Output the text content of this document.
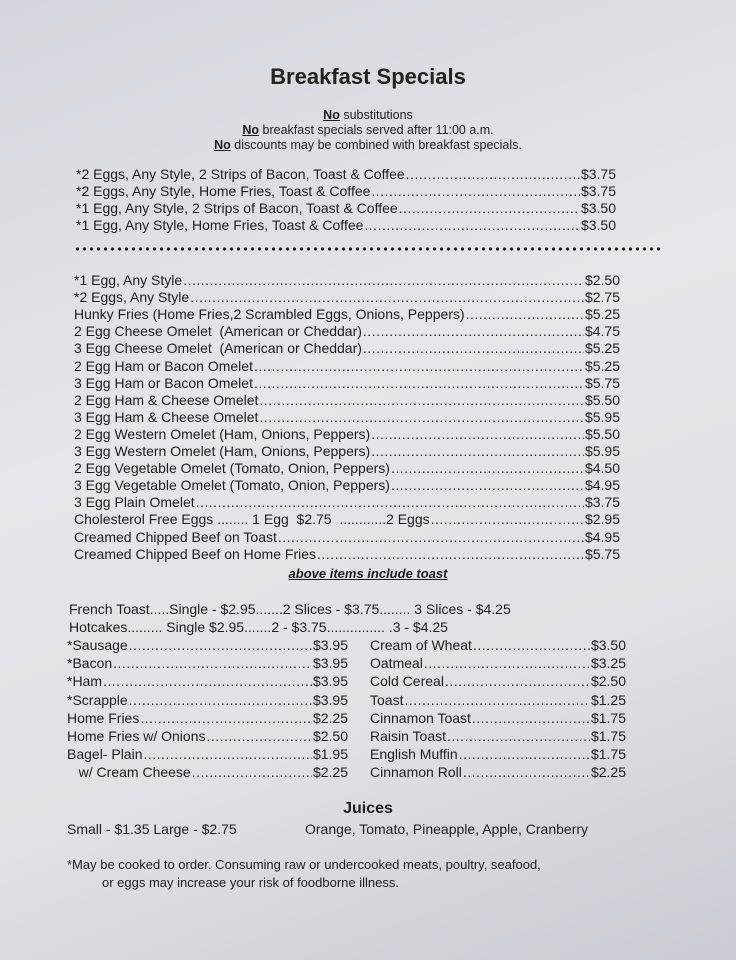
Breakfast Specials
No substitutions
No breakfast specials served after 11:00 a.m.
No discounts may be combined with breakfast specials.
*2 Eggs, Any Style, 2 Strips of Bacon, Toast & Coffee .....	$3.75
*2 Eggs, Any Style, Home Fries, Toast & Coffee .....	$3.75
*1 Egg, Any Style, 2 Strips of Bacon, Toast & Coffee .....	$3.50
*1 Egg, Any Style, Home Fries, Toast & Coffee .....	$3.50
*1 Egg, Any Style .....	$2.50
*2 Eggs, Any Style .....	$2.75
Hunky Fries (Home Fries,2 Scrambled Eggs, Onions, Peppers) .....	$5.25
2 Egg Cheese Omelet  (American or Cheddar) .....	$4.75
3 Egg Cheese Omelet  (American or Cheddar) .....	$5.25
2 Egg Ham or Bacon Omelet .....	$5.25
3 Egg Ham or Bacon Omelet .....	$5.75
2 Egg Ham & Cheese Omelet .....	$5.50
3 Egg Ham & Cheese Omelet .....	$5.95
2 Egg Western Omelet (Ham, Onions, Peppers) .....	$5.50
3 Egg Western Omelet (Ham, Onions, Peppers) .....	$5.95
2 Egg Vegetable Omelet (Tomato, Onion, Peppers) .....	$4.50
3 Egg Vegetable Omelet (Tomato, Onion, Peppers) .....	$4.95
3 Egg Plain Omelet .....	$3.75
Cholesterol Free Eggs ........ 1 Egg  $2.75  ............2 Eggs .....	$2.95
Creamed Chipped Beef on Toast .....	$4.95
Creamed Chipped Beef on Home Fries .....	$5.75
above items include toast
French Toast.....Single - $2.95.......2 Slices - $3.75........ 3 Slices - $4.25
Hotcakes......... Single $2.95.......2 - $3.75............... .3 - $4.25
*Sausage .....	$3.95
*Bacon .....	$3.95
*Ham .....	$3.95
*Scrapple .....	$3.95
Home Fries .....	$2.25
Home Fries w/ Onions .....	$2.50
Bagel- Plain .....	$1.95
w/ Cream Cheese .....	$2.25
Cream of Wheat .....	$3.50
Oatmeal .....	$3.25
Cold Cereal .....	$2.50
Toast .....	$1.25
Cinnamon Toast .....	$1.75
Raisin Toast .....	$1.75
English Muffin .....	$1.75
Cinnamon Roll .....	$2.25
Juices
Small - $1.35 Large - $2.75	Orange, Tomato, Pineapple, Apple, Cranberry
*May be cooked to order. Consuming raw or undercooked meats, poultry, seafood,
or eggs may increase your risk of foodborne illness.
